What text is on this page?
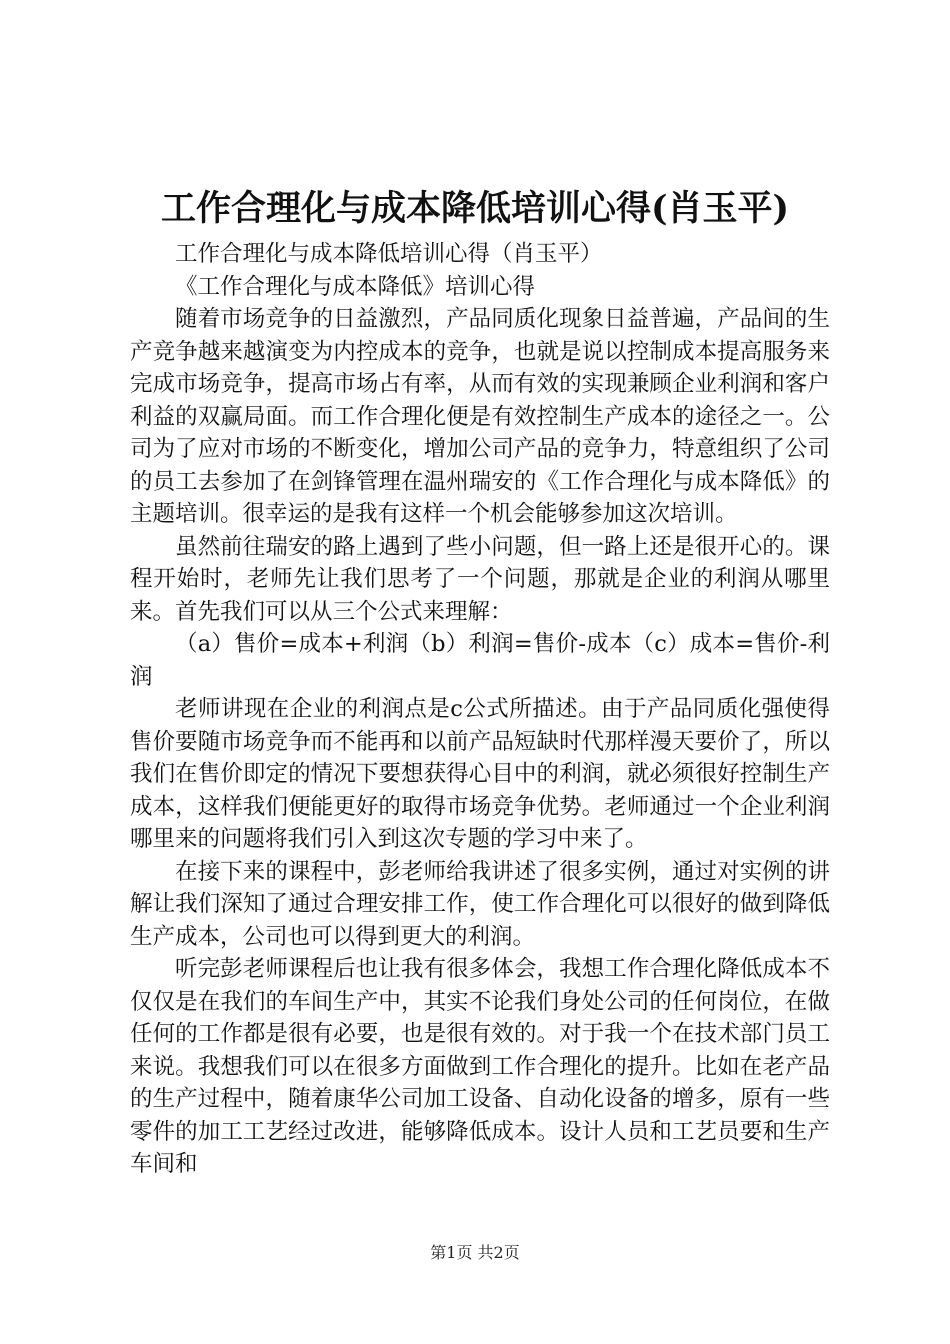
工作合理化与成本降低培训心得(肖玉平)

工作合理化与成本降低培训心得（肖玉平）

《工作合理化与成本降低》培训心得

随着市场竞争的日益激烈，产品同质化现象日益普遍，产品间的生产竞争越来越演变为内控成本的竞争，也就是说以控制成本提高服务来完成市场竞争，提高市场占有率，从而有效的实现兼顾企业利润和客户利益的双赢局面。而工作合理化便是有效控制生产成本的途径之一。公司为了应对市场的不断变化，增加公司产品的竞争力，特意组织了公司的员工去参加了在剑锋管理在温州瑞安的《工作合理化与成本降低》的主题培训。很幸运的是我有这样一个机会能够参加这次培训。

虽然前往瑞安的路上遇到了些小问题，但一路上还是很开心的。课程开始时，老师先让我们思考了一个问题，那就是企业的利润从哪里来。首先我们可以从三个公式来理解：

（a）售价=成本+利润（b）利润=售价-成本（c）成本=售价-利润

老师讲现在企业的利润点是c公式所描述。由于产品同质化强使得售价要随市场竞争而不能再和以前产品短缺时代那样漫天要价了，所以我们在售价即定的情况下要想获得心目中的利润，就必须很好控制生产成本，这样我们便能更好的取得市场竞争优势。老师通过一个企业利润哪里来的问题将我们引入到这次专题的学习中来了。

在接下来的课程中，彭老师给我讲述了很多实例，通过对实例的讲解让我们深知了通过合理安排工作，使工作合理化可以很好的做到降低生产成本，公司也可以得到更大的利润。

听完彭老师课程后也让我有很多体会，我想工作合理化降低成本不仅仅是在我们的车间生产中，其实不论我们身处公司的任何岗位，在做任何的工作都是很有必要，也是很有效的。对于我一个在技术部门员工来说。我想我们可以在很多方面做到工作合理化的提升。比如在老产品的生产过程中，随着康华公司加工设备、自动化设备的增多，原有一些零件的加工工艺经过改进，能够降低成本。设计人员和工艺员要和生产车间和

第1页 共2页
